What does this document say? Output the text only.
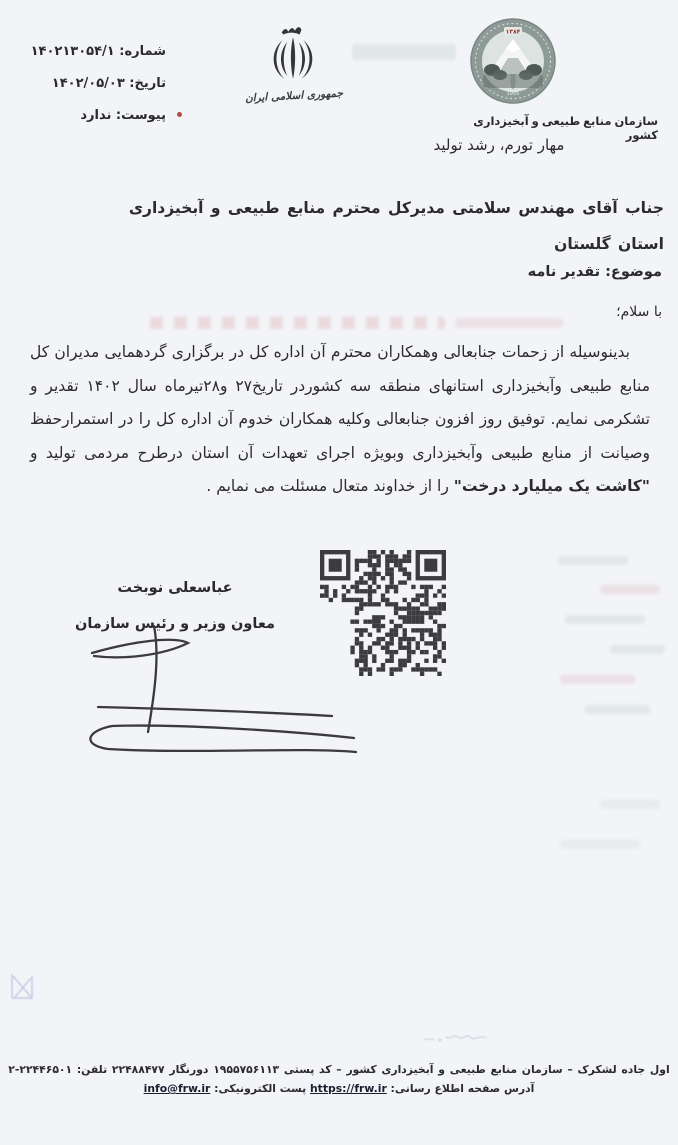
شماره: ۱۴۰۲۱۳۰۵۴/۱
تاریخ: ۱۴۰۲/۰۵/۰۳
پیوست: ندارد
جمهوری اسلامی ایران
۱۳۸۴
1905
سازمان منابع طبیعی و آبخیزداری کشور
مهار تورم، رشد تولید
جناب آقای مهندس سلامتی مدیرکل محترم منابع طبیعی و آبخیزداری
استان گلستان
موضوع: تقدیر نامه
با سلام؛

بدینوسیله از زحمات جنابعالی وهمکاران محترم آن اداره کل در برگزاری گردهمایی مدیران کل منابع طبیعی وآبخیزداری استانهای منطقه سه کشوردر تاریخ۲۷ و۲۸تیرماه سال ۱۴۰۲ تقدیر و تشکرمی نمایم. توفیق روز افزون جنابعالی وکلیه همکاران خدوم آن اداره کل را در استمرارحفظ وصیانت از منابع طبیعی وآبخیزداری وبویژه اجرای تعهدات آن استان درطرح مردمی تولید و "کاشت یک میلیارد درخت" را از خداوند متعال مسئلت می نمایم .

عباسعلی نوبخت
معاون وزیر و رئیس سازمان
اول جاده لشکرک – سازمان منابع طبیعی و آبخیزداری کشور – کد پستی ۱۹۵۵۷۵۶۱۱۳ دورنگار ۲۲۴۸۸۴۷۷ تلفن: ۲-۲۲۴۴۶۵۰۱
آدرس صفحه اطلاع رسانی: https://frw.ir پست الکترونیکی: info@frw.ir
